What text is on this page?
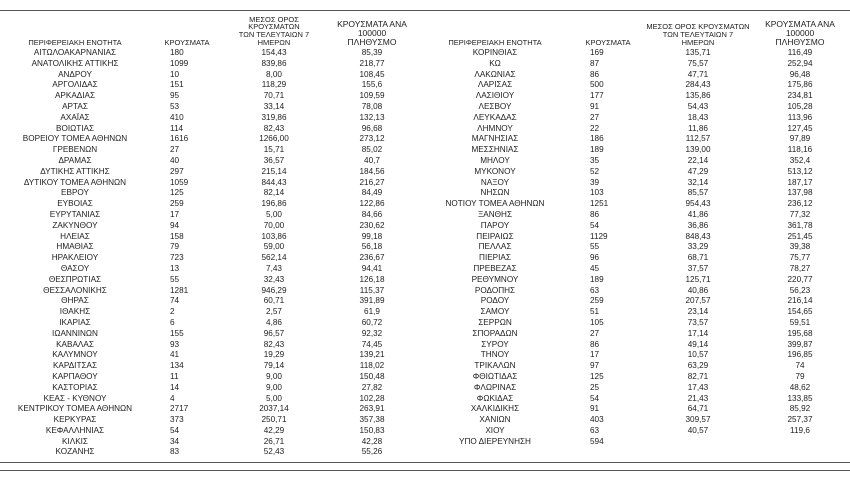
ΠΕΡΙΦΕΡΕΙΑΚΗ ΕΝΟΤΗΤΑ	ΚΡΟΥΣΜΑΤΑ
ΜΕΣΟΣ ΟΡΟΣ ΚΡΟΥΣΜΑΤΩΝ
ΤΩΝ ΤΕΛΕΥΤΑΙΩΝ 7 ΗΜΕΡΩΝ
ΚΡΟΥΣΜΑΤΑ ΑΝΑ 100000
ΠΛΗΘΥΣΜΟ
ΑΙΤΩΛΟΑΚΑΡΝΑΝΙΑΣ	180	154,43	85,39
ΑΝΑΤΟΛΙΚΗΣ ΑΤΤΙΚΗΣ	1099	839,86	218,77
ΑΝΔΡΟΥ	10	8,00	108,45
ΑΡΓΟΛΙΔΑΣ	151	118,29	155,6
ΑΡΚΑΔΙΑΣ	95	70,71	109,59
ΑΡΤΑΣ	53	33,14	78,08
ΑΧΑΪΑΣ	410	319,86	132,13
ΒΟΙΩΤΙΑΣ	114	82,43	96,68
ΒΟΡΕΙΟΥ ΤΟΜΕΑ ΑΘΗΝΩΝ	1616	1266,00	273,12
ΓΡΕΒΕΝΩΝ	27	15,71	85,02
ΔΡΑΜΑΣ	40	36,57	40,7
ΔΥΤΙΚΗΣ ΑΤΤΙΚΗΣ	297	215,14	184,56
ΔΥΤΙΚΟΥ ΤΟΜΕΑ ΑΘΗΝΩΝ	1059	844,43	216,27
ΕΒΡΟΥ	125	82,14	84,49
ΕΥΒΟΙΑΣ	259	196,86	122,86
ΕΥΡΥΤΑΝΙΑΣ	17	5,00	84,66
ΖΑΚΥΝΘΟΥ	94	70,00	230,62
ΗΛΕΙΑΣ	158	103,86	99,18
ΗΜΑΘΙΑΣ	79	59,00	56,18
ΗΡΑΚΛΕΙΟΥ	723	562,14	236,67
ΘΑΣΟΥ	13	7,43	94,41
ΘΕΣΠΡΩΤΙΑΣ	55	32,43	126,18
ΘΕΣΣΑΛΟΝΙΚΗΣ	1281	946,29	115,37
ΘΗΡΑΣ	74	60,71	391,89
ΙΘΑΚΗΣ	2	2,57	61,9
ΙΚΑΡΙΑΣ	6	4,86	60,72
ΙΩΑΝΝΙΝΩΝ	155	96,57	92,32
ΚΑΒΑΛΑΣ	93	82,43	74,45
ΚΑΛΥΜΝΟΥ	41	19,29	139,21
ΚΑΡΔΙΤΣΑΣ	134	79,14	118,02
ΚΑΡΠΑΘΟΥ	11	9,00	150,48
ΚΑΣΤΟΡΙΑΣ	14	9,00	27,82
ΚΕΑΣ - ΚΥΘΝΟΥ	4	5,00	102,28
ΚΕΝΤΡΙΚΟΥ ΤΟΜΕΑ ΑΘΗΝΩΝ	2717	2037,14	263,91
ΚΕΡΚΥΡΑΣ	373	250,71	357,38
ΚΕΦΑΛΛΗΝΙΑΣ	54	42,29	150,83
ΚΙΛΚΙΣ	34	26,71	42,28
ΚΟΖΑΝΗΣ	83	52,43	55,26
ΠΕΡΙΦΕΡΕΙΑΚΗ ΕΝΟΤΗΤΑ	ΚΡΟΥΣΜΑΤΑ
ΜΕΣΟΣ ΟΡΟΣ ΚΡΟΥΣΜΑΤΩΝ
ΤΩΝ ΤΕΛΕΥΤΑΙΩΝ 7 ΗΜΕΡΩΝ
ΚΡΟΥΣΜΑΤΑ ΑΝΑ 100000
ΠΛΗΘΥΣΜΟ
ΚΟΡΙΝΘΙΑΣ	169	135,71	116,49
ΚΩ	87	75,57	252,94
ΛΑΚΩΝΙΑΣ	86	47,71	96,48
ΛΑΡΙΣΑΣ	500	284,43	175,86
ΛΑΣΙΘΙΟΥ	177	135,86	234,81
ΛΕΣΒΟΥ	91	54,43	105,28
ΛΕΥΚΑΔΑΣ	27	18,43	113,96
ΛΗΜΝΟΥ	22	11,86	127,45
ΜΑΓΝΗΣΙΑΣ	186	112,57	97,89
ΜΕΣΣΗΝΙΑΣ	189	139,00	118,16
ΜΗΛΟΥ	35	22,14	352,4
ΜΥΚΟΝΟΥ	52	47,29	513,12
ΝΑΞΟΥ	39	32,14	187,17
ΝΗΣΩΝ	103	85,57	137,98
ΝΟΤΙΟΥ ΤΟΜΕΑ ΑΘΗΝΩΝ	1251	954,43	236,12
ΞΑΝΘΗΣ	86	41,86	77,32
ΠΑΡΟΥ	54	36,86	361,78
ΠΕΙΡΑΙΩΣ	1129	848,43	251,45
ΠΕΛΛΑΣ	55	33,29	39,38
ΠΙΕΡΙΑΣ	96	68,71	75,77
ΠΡΕΒΕΖΑΣ	45	37,57	78,27
ΡΕΘΥΜΝΟΥ	189	125,71	220,77
ΡΟΔΟΠΗΣ	63	40,86	56,23
ΡΟΔΟΥ	259	207,57	216,14
ΣΑΜΟΥ	51	23,14	154,65
ΣΕΡΡΩΝ	105	73,57	59,51
ΣΠΟΡΑΔΩΝ	27	17,14	195,68
ΣΥΡΟΥ	86	49,14	399,87
ΤΗΝΟΥ	17	10,57	196,85
ΤΡΙΚΑΛΩΝ	97	63,29	74
ΦΘΙΩΤΙΔΑΣ	125	82,71	79
ΦΛΩΡΙΝΑΣ	25	17,43	48,62
ΦΩΚΙΔΑΣ	54	21,43	133,85
ΧΑΛΚΙΔΙΚΗΣ	91	64,71	85,92
ΧΑΝΙΩΝ	403	309,57	257,37
ΧΙΟΥ	63	40,57	119,6
ΥΠΟ ΔΙΕΡΕΥΝΗΣΗ	594
